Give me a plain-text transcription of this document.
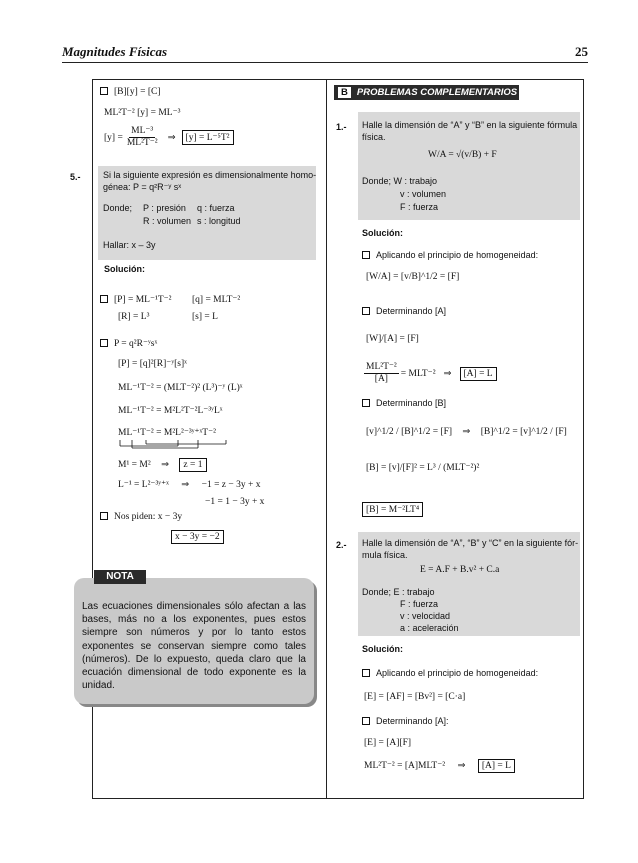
Magnitudes Físicas	25
[B][y] = [C]
ML²T⁻² [y] = ML⁻³
$[y] = \frac{\text{ML⁻³}}{\text{ML²T⁻²}}$ ⇒	[y] = L⁻⁵T²
5.- Si la siguiente expresión es dimensionalmente homo-
génea: P = q²R⁻ʸ sˣ
Donde; P : presión q : fuerza
R : volumen s : longitud
Hallar: x – 3y
Solución:
[P] = ML⁻¹T⁻² [q] = MLT⁻²
[R] = L³	[s] = L
P = q²R⁻ʸsˣ
[P] = [q]²[R]⁻ʸ[s]ˣ
ML⁻¹T⁻² = (MLT⁻²)² (L³)⁻ʸ (L)ˣ
ML⁻¹T⁻² = M²L²T⁻²L⁻³ʸLˣ
ML⁻¹T⁻² = M²L²⁻³ʸ⁺ˣT⁻²
M¹ = M² ⇒ z = 1
L⁻¹ = L²⁻³ʸ⁺ˣ ⇒ −1 = z − 3y + x
−1 = 1 − 3y + x
Nos piden: x − 3y
x − 3y = −2
Las ecuaciones dimensionales sólo afectan a las bases, más no a los exponentes, pues estos siempre son números y por lo tanto estos exponentes se conservan siempre como tales (números). De lo expuesto, queda claro que la ecuación dimensional de todo exponente es la unidad.
NOTA
B PROBLEMAS COMPLEMENTARIOS
1.- Halle la dimensión de “A” y “B” en la siguiente fórmula
física.
W/A = √(v/B) + F
Donde; W : trabajo
v : volumen
F : fuerza
Solución:
Aplicando el principio de homogeneidad:
[W/A] = [v/B]^1/2 = [F]
Determinando [A]
[W]/[A] = [F]
$\frac{\text{ML²T⁻²}}{[A]} = MLT^{-2}$ ⇒	[A] = L
Determinando [B]
[v]^1/2 / [B]^1/2 = [F] ⇒ [B]^1/2 = [v]^1/2 / [F]
[B] = [v]/[F]² = L³ / (MLT⁻²)²
[B] = M⁻²LT⁴
2.- Halle la dimensión de “A”, “B” y “C” en la siguiente fór-
mula física.
E = A.F + B.v² + C.a
Donde; E : trabajo
F : fuerza
v : velocidad
a : aceleración
Solución:
Aplicando el principio de homogeneidad:
[E] = [AF] = [Bv²] = [C·a]
Determinando [A]:
[E] = [A][F]
ML²T⁻² = [A]MLT⁻² ⇒ [A] = L
